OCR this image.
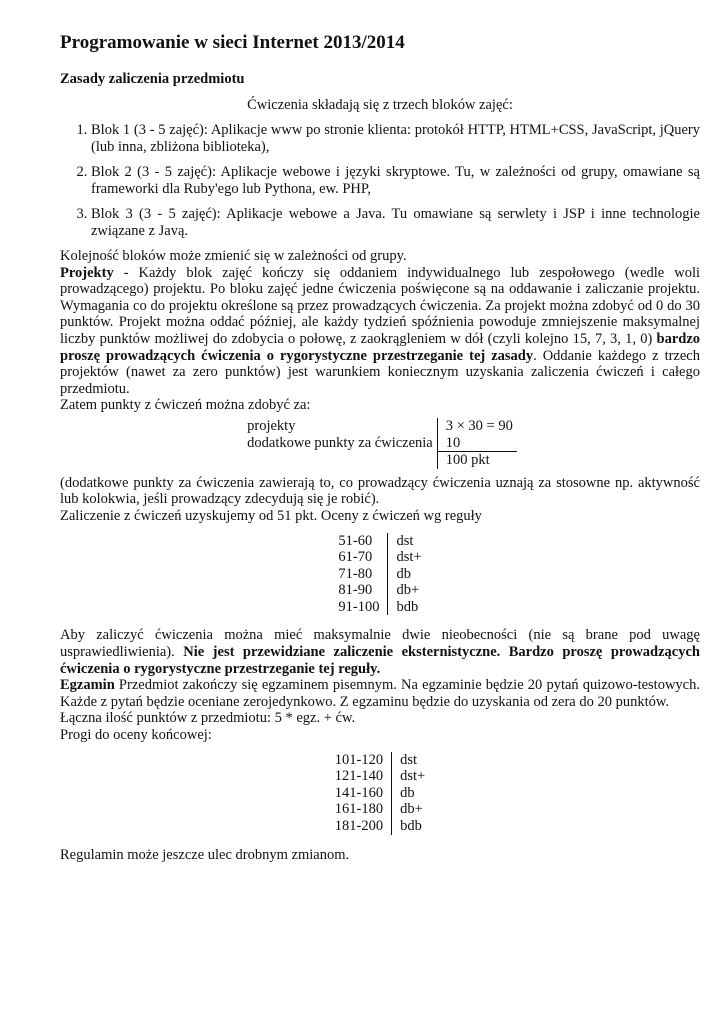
Programowanie w sieci Internet 2013/2014
Zasady zaliczenia przedmiotu
Ćwiczenia składają się z trzech bloków zajęć:
1. Blok 1 (3 - 5 zajęć): Aplikacje www po stronie klienta: protokół HTTP, HTML+CSS, JavaScript, jQuery (lub inna, zbliżona biblioteka),
2. Blok 2 (3 - 5 zajęć): Aplikacje webowe i języki skryptowe. Tu, w zależności od grupy, omawiane są frameworki dla Ruby'ego lub Pythona, ew. PHP,
3. Blok 3 (3 - 5 zajęć): Aplikacje webowe a Java. Tu omawiane są serwlety i JSP i inne technologie związane z Javą.

Kolejność bloków może zmienić się w zależności od grupy.

Projekty - Każdy blok zajęć kończy się oddaniem indywidualnego lub zespołowego (wedle woli prowadzącego) projektu. Po bloku zajęć jedne ćwiczenia poświęcone są na oddawanie i zaliczanie projektu. Wymagania co do projektu określone są przez prowadzących ćwiczenia. Za projekt można zdobyć od 0 do 30 punktów. Projekt można oddać później, ale każdy tydzień spóźnienia powoduje zmniejszenie maksymalnej liczby punktów możliwej do zdobycia o połowę, z zaokrągleniem w dół (czyli kolejno 15, 7, 3, 1, 0) bardzo proszę prowadzących ćwiczenia o rygorystyczne przestrzeganie tej zasady. Oddanie każdego z trzech projektów (nawet za zero punktów) jest warunkiem koniecznym uzyskania zaliczenia ćwiczeń i całego przedmiotu.

Zatem punkty z ćwiczeń można zdobyć za:

projekty	3 × 30 = 90
dodatkowe punkty za ćwiczenia	10
	100 pkt

(dodatkowe punkty za ćwiczenia zawierają to, co prowadzący ćwiczenia uznają za stosowne np. aktywność lub kolokwia, jeśli prowadzący zdecydują się je robić).

Zaliczenie z ćwiczeń uzyskujemy od 51 pkt. Oceny z ćwiczeń wg reguły

51-60	dst
61-70	dst+
71-80	db
81-90	db+
91-100	bdb

Aby zaliczyć ćwiczenia można mieć maksymalnie dwie nieobecności (nie są brane pod uwagę usprawiedliwienia). Nie jest przewidziane zaliczenie eksternistyczne. Bardzo proszę prowadzących ćwiczenia o rygorystyczne przestrzeganie tej reguły.

Egzamin Przedmiot zakończy się egzaminem pisemnym. Na egzaminie będzie 20 pytań quizowo-testowych. Każde z pytań będzie oceniane zerojedynkowo. Z egzaminu będzie do uzyskania od zera do 20 punktów.

Łączna ilość punktów z przedmiotu: 5 * egz. + ćw.

Progi do oceny końcowej:

101-120	dst
121-140	dst+
141-160	db
161-180	db+
181-200	bdb

Regulamin może jeszcze ulec drobnym zmianom.
